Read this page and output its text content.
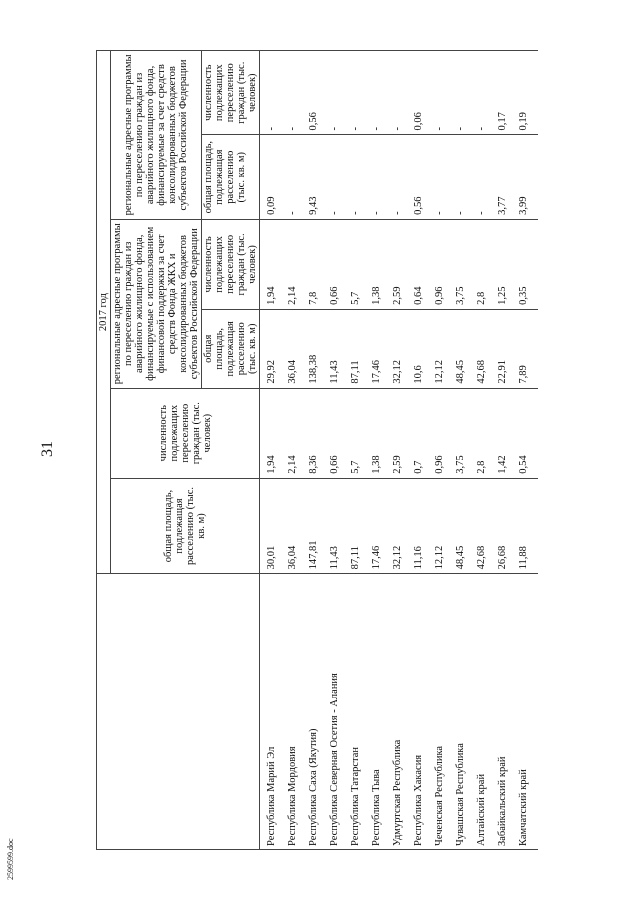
31
2599599.doc
	2017 год					
	общая площадь, подлежащая расселению (тыс. кв. м)	численность подлежащих переселению граждан (тыс. человек)	региональные адресные программы по переселению граждан из аварийного жилищного фонда, финансируемые с использованием финансовой поддержки за счет средств Фонда ЖКХ и консолидированных бюджетов субъектов Российской Федерации		региональные адресные программы по переселению граждан из аварийного жилищного фонда, финансируемые за счет средств консолидированных бюджетов субъектов Российской Федерации	
			общая площадь, подлежащая расселению (тыс. кв. м)	численность подлежащих переселению граждан (тыс. человек)	общая площадь, подлежащая расселению (тыс. кв. м)	численность подлежащих переселению граждан (тыс. человек)
Республика Марий Эл	30,01	1,94	29,92	1,94	0,09	-
Республика Мордовия	36,04	2,14	36,04	2,14	-	-
Республика Саха (Якутия)	147,81	8,36	138,38	7,8	9,43	0,56
Республика Северная Осетия - Алания	11,43	0,66	11,43	0,66	-	-
Республика Татарстан	87,11	5,7	87,11	5,7	-	-
Республика Тыва	17,46	1,38	17,46	1,38	-	-
Удмуртская Республика	32,12	2,59	32,12	2,59	-	-
Республика Хакасия	11,16	0,7	10,6	0,64	0,56	0,06
Чеченская Республика	12,12	0,96	12,12	0,96	-	-
Чувашская Республика	48,45	3,75	48,45	3,75	-	-
Алтайский край	42,68	2,8	42,68	2,8	-	-
Забайкальский край	26,68	1,42	22,91	1,25	3,77	0,17
Камчатский край	11,88	0,54	7,89	0,35	3,99	0,19
